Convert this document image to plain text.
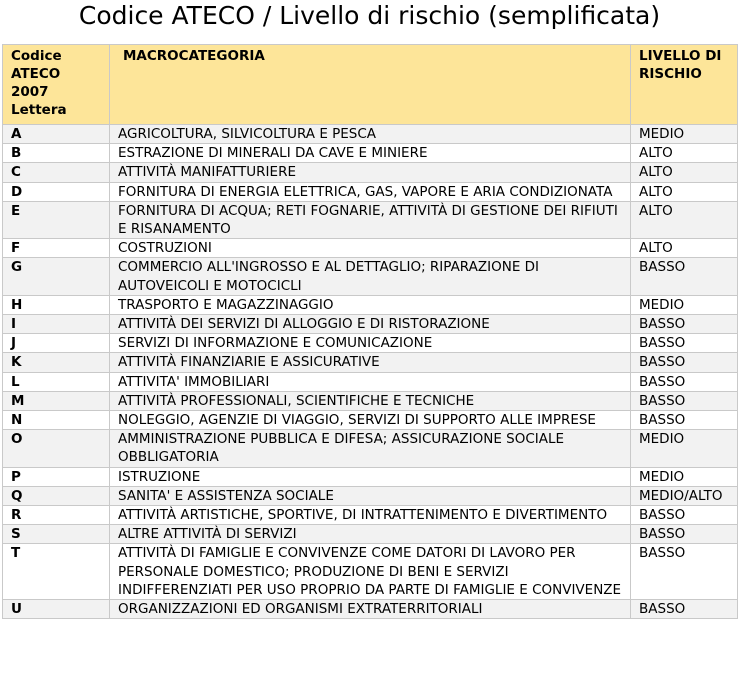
Codice ATECO / Livello di rischio (semplificata)
Codice ATECO 2007 Lettera	MACROCATEGORIA	LIVELLO DI RISCHIO
A	AGRICOLTURA, SILVICOLTURA E PESCA	MEDIO
B	ESTRAZIONE DI MINERALI DA CAVE E MINIERE	ALTO
C	ATTIVITÀ MANIFATTURIERE	ALTO
D	FORNITURA DI ENERGIA ELETTRICA, GAS, VAPORE E ARIA CONDIZIONATA	ALTO
E	FORNITURA DI ACQUA; RETI FOGNARIE, ATTIVITÀ DI GESTIONE DEI RIFIUTI E RISANAMENTO	ALTO
F	COSTRUZIONI	ALTO
G	COMMERCIO ALL'INGROSSO E AL DETTAGLIO; RIPARAZIONE DI AUTOVEICOLI E MOTOCICLI	BASSO
H	TRASPORTO E MAGAZZINAGGIO	MEDIO
I	ATTIVITÀ DEI SERVIZI DI ALLOGGIO E DI RISTORAZIONE	BASSO
J	SERVIZI DI INFORMAZIONE E COMUNICAZIONE	BASSO
K	ATTIVITÀ FINANZIARIE E ASSICURATIVE	BASSO
L	ATTIVITA' IMMOBILIARI	BASSO
M	ATTIVITÀ PROFESSIONALI, SCIENTIFICHE E TECNICHE	BASSO
N	NOLEGGIO, AGENZIE DI VIAGGIO, SERVIZI DI SUPPORTO ALLE IMPRESE	BASSO
O	AMMINISTRAZIONE PUBBLICA E DIFESA; ASSICURAZIONE SOCIALE OBBLIGATORIA	MEDIO
P	ISTRUZIONE	MEDIO
Q	SANITA' E ASSISTENZA SOCIALE	MEDIO/ALTO
R	ATTIVITÀ ARTISTICHE, SPORTIVE, DI INTRATTENIMENTO E DIVERTIMENTO	BASSO
S	ALTRE ATTIVITÀ DI SERVIZI	BASSO
T	ATTIVITÀ DI FAMIGLIE E CONVIVENZE COME DATORI DI LAVORO PER PERSONALE DOMESTICO; PRODUZIONE DI BENI E SERVIZI INDIFFERENZIATI PER USO PROPRIO DA PARTE DI FAMIGLIE E CONVIVENZE	BASSO
U	ORGANIZZAZIONI ED ORGANISMI EXTRATERRITORIALI	BASSO
